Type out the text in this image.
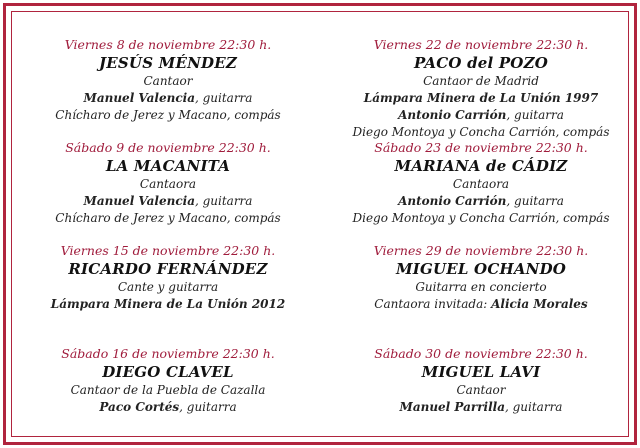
Viernes 8 de noviembre 22:30 h.
JESÚS MÉNDEZ
Cantaor
Manuel Valencia, guitarra
Chícharo de Jerez y Macano, compás
Sábado 9 de noviembre 22:30 h.
LA MACANITA
Cantaora
Manuel Valencia, guitarra
Chícharo de Jerez y Macano, compás
Viernes 15 de noviembre 22:30 h.
RICARDO FERNÁNDEZ
Cante y guitarra
Lámpara Minera de La Unión 2012
Sábado 16 de noviembre 22:30 h.
DIEGO CLAVEL
Cantaor de la Puebla de Cazalla
Paco Cortés, guitarra
Viernes 22 de noviembre 22:30 h.
PACO del POZO
Cantaor de Madrid
Lámpara Minera de La Unión 1997
Antonio Carrión, guitarra
Diego Montoya y Concha Carrión, compás
Sábado 23 de noviembre 22:30 h.
MARIANA de CÁDIZ
Cantaora
Antonio Carrión, guitarra
Diego Montoya y Concha Carrión, compás
Viernes 29 de noviembre 22:30 h.
MIGUEL OCHANDO
Guitarra en concierto
Cantaora invitada: Alicia Morales
Sábado 30 de noviembre 22:30 h.
MIGUEL LAVI
Cantaor
Manuel Parrilla, guitarra
